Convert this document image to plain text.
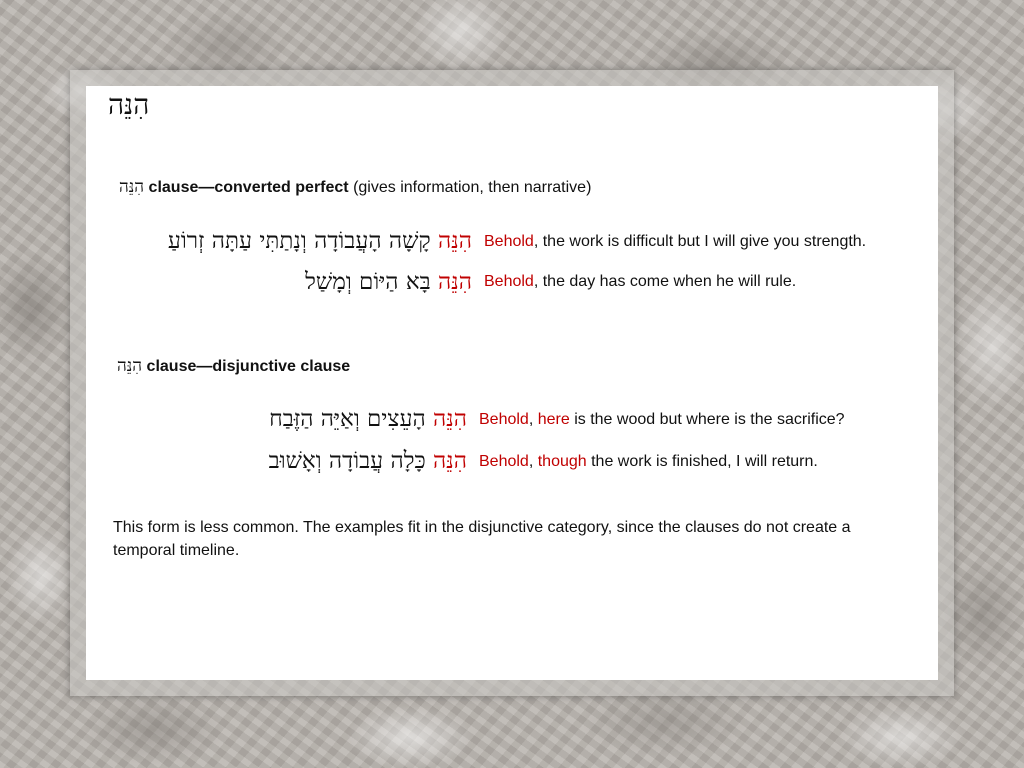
הִנֵּה
הִנֵּה clause—converted perfect (gives information, then narrative)
הִנֵּה קָשָׁה הָעֲבוֹדָה וְנָתַתִּי עַתָּה זְרוֹעַ	Behold, the work is difficult but I will give you strength.
הִנֵּה בָּא הַיּוֹם וְמָשַׁל	Behold, the day has come when he will rule.
הִנֵּה clause—disjunctive clause
הִנֵּה הָעֵצִים וְאַיֵּה הַזֶּבַח	Behold, here is the wood but where is the sacrifice?
הִנֵּה כָּלָה עֲבוֹדָה וְאָשׁוּב	Behold, though the work is finished, I will return.
This form is less common. The examples fit in the disjunctive category, since the clauses do not create a temporal timeline.
